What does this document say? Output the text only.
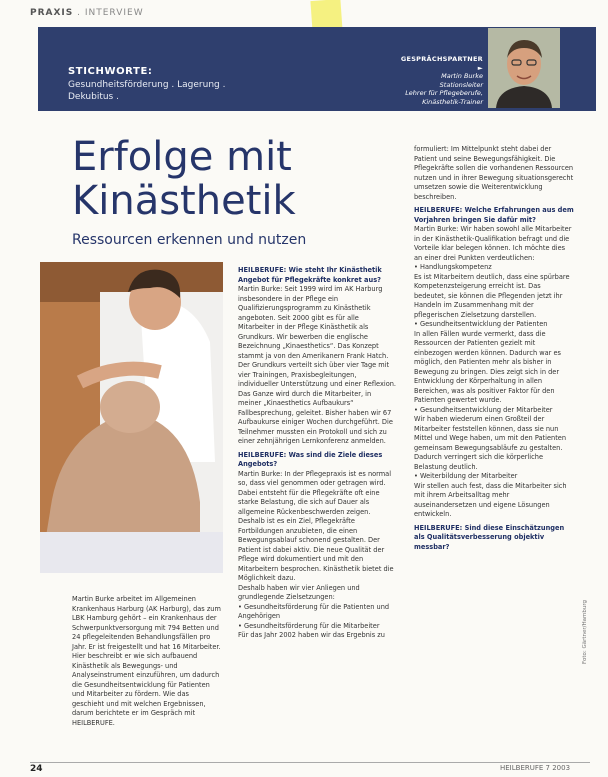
PRAXIS . INTERVIEW
STICHWORTE:
Gesundheitsförderung . Lagerung . Dekubitus .
GESPRÄCHSPARTNER ►
Martin Burke
Stationsleiter
Lehrer für Pflegeberufe,
Kinästhetik-Trainer
Erfolge mit
Kinästhetik
Ressourcen erkennen und nutzen
Martin Burke arbeitet im Allgemeinen Krankenhaus Harburg (AK Harburg), das zum LBK Hamburg gehört – ein Krankenhaus der Schwerpunktversorgung mit 794 Betten und 24 pflegeleitenden Behandlungsfällen pro Jahr. Er ist freigestellt und hat 16 Mitarbeiter. Hier beschreibt er wie sich aufbauend Kinästhetik als Bewegungs- und Analyseinstrument einzuführen, um dadurch die Gesundheitsentwicklung für Patienten und Mitarbeiter zu fördern. Wie das geschieht und mit welchen Ergebnissen, darum berichtete er im Gespräch mit HEILBERUFE.
HEILBERUFE: Wie steht Ihr Kinästhetik Angebot für Pflegekräfte konkret aus?
Martin Burke: Seit 1999 wird im AK Harburg insbesondere in der Pflege ein Qualifizierungsprogramm zu Kinästhetik angeboten. Seit 2000 gibt es für alle Mitarbeiter in der Pflege Kinästhetik als Grundkurs. Wir bewerben die englische Bezeichnung „Kinaesthetics“. Das Konzept stammt ja von den Amerikanern Frank Hatch.
Der Grundkurs verteilt sich über vier Tage mit vier Trainingen, Praxisbegleitungen, individueller Unterstützung und einer Reflexion. Das Ganze wird durch die Mitarbeiter, in meiner „Kinaesthetics Aufbaukurs“ Fallbesprechung, geleitet. Bisher haben wir 67 Aufbaukurse einiger Wochen durchgeführt. Die Teilnehmer mussten ein Protokoll und sich zu einer zehnjährigen Lernkonferenz anmelden.
HEILBERUFE: Was sind die Ziele dieses Angebots?
Martin Burke: In der Pflegepraxis ist es normal so, dass viel genommen oder getragen wird. Dabei entsteht für die Pflegekräfte oft eine starke Belastung, die sich auf Dauer als allgemeine Rückenbeschwerden zeigen. Deshalb ist es ein Ziel, Pflegekräfte Fortbildungen anzubieten, die einen Bewegungsablauf schonend gestalten. Der Patient ist dabei aktiv. Die neue Qualität der Pflege wird dokumentiert und mit den Mitarbeitern besprochen. Kinästhetik bietet die Möglichkeit dazu.
Deshalb haben wir vier Anliegen und grundlegende Zielsetzungen:
• Gesundheitsförderung für die Patienten und Angehörigen
• Gesundheitsförderung für die Mitarbeiter
Für das Jahr 2002 haben wir das Ergebnis zu
formuliert: Im Mittelpunkt steht dabei der Patient und seine Bewegungsfähigkeit. Die Pflegekräfte sollen die vorhandenen Ressourcen nutzen und in ihrer Bewegung situationsgerecht umsetzen sowie die Weiterentwicklung beschreiben.
HEILBERUFE: Welche Erfahrungen aus dem Vorjahren bringen Sie dafür mit?
Martin Burke: Wir haben sowohl alle Mitarbeiter in der Kinästhetik-Qualifikation befragt und die Vorteile klar belegen können. Ich möchte dies an einer drei Punkten verdeutlichen:
• Handlungskompetenz
Es ist Mitarbeitern deutlich, dass eine spürbare Kompetenzsteigerung erreicht ist. Das bedeutet, sie können die Pflegenden jetzt ihr Handeln im Zusammenhang mit der pflegerischen Zielsetzung darstellen.
• Gesundheitsentwicklung der Patienten
In allen Fällen wurde vermerkt, dass die Ressourcen der Patienten gezielt mit einbezogen werden können. Dadurch war es möglich, den Patienten mehr als bisher in Bewegung zu bringen. Dies zeigt sich in der Entwicklung der Körperhaltung in allen Bereichen, was als positiver Faktor für den Patienten gewertet wurde.
• Gesundheitsentwicklung der Mitarbeiter
Wir haben wiederum einen Großteil der Mitarbeiter feststellen können, dass sie nun Mittel und Wege haben, um mit den Patienten gemeinsam Bewegungsabläufe zu gestalten. Dadurch verringert sich die körperliche Belastung deutlich.
• Weiterbildung der Mitarbeiter
Wir stellen auch fest, dass die Mitarbeiter sich mit ihrem Arbeitsalltag mehr auseinandersetzen und eigene Lösungen entwickeln.
HEILBERUFE: Sind diese Einschätzungen als Qualitätsverbesserung objektiv messbar?
Foto: Gärtner/Hamburg
24	HEILBERUFE 7 2003
